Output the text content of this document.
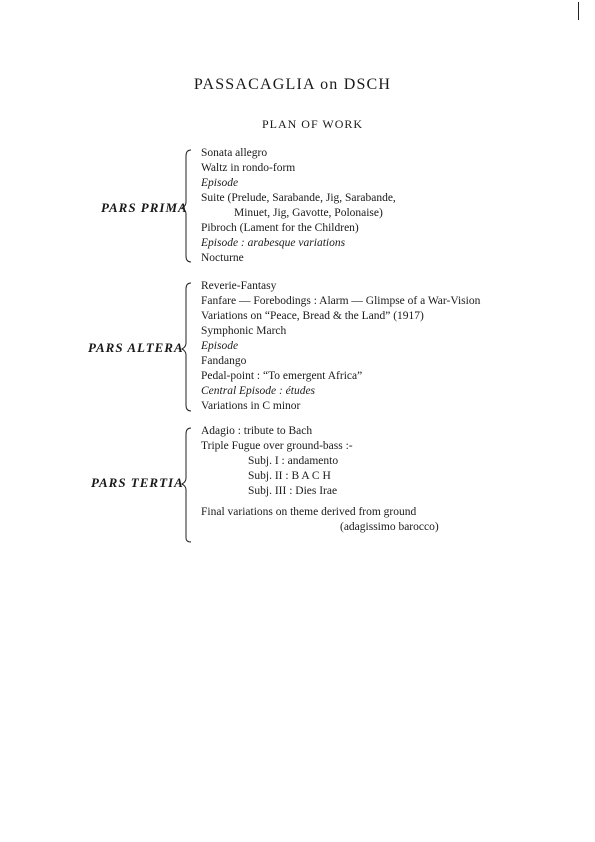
PASSACAGLIA on DSCH
PLAN OF WORK
PARS PRIMA
Sonata allegro
Waltz in rondo-form
Episode
Suite (Prelude, Sarabande, Jig, Sarabande,
Minuet, Jig, Gavotte, Polonaise)
Pibroch (Lament for the Children)
Episode : arabesque variations
Nocturne
PARS ALTERA
Reverie-Fantasy
Fanfare — Forebodings : Alarm — Glimpse of a War-Vision
Variations on “Peace, Bread & the Land” (1917)
Symphonic March
Episode
Fandango
Pedal-point : “To emergent Africa”
Central Episode : études
Variations in C minor
PARS TERTIA
Adagio : tribute to Bach
Triple Fugue over ground-bass :-
Subj. I : andamento
Subj. II : B A C H
Subj. III : Dies Irae
Final variations on theme derived from ground
(adagissimo barocco)
